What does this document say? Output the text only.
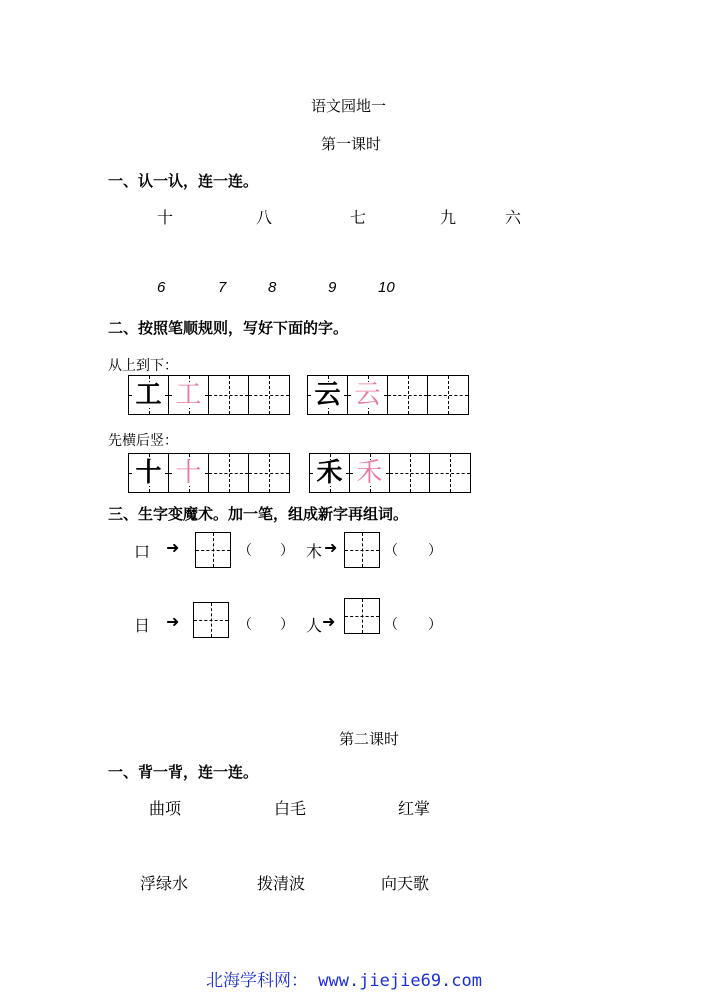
语文园地一
第一课时
一、认一认，连一连。
十	八	七	九	六
6	7	8	9	10
二、按照笔顺规则，写好下面的字。
从上到下：
工 工	云 云
先横后竖：
十 十	禾 禾
三、生字变魔术。加一笔，组成新字再组词。
口 ➜	（ ） 木 ➜	（ ）
日 ➜	（ ） 人 ➜	（ ）
第二课时
一、背一背，连一连。
曲项	白毛	红掌
浮绿水	拨清波	向天歌
北海学科网： www.jiejie69.com
